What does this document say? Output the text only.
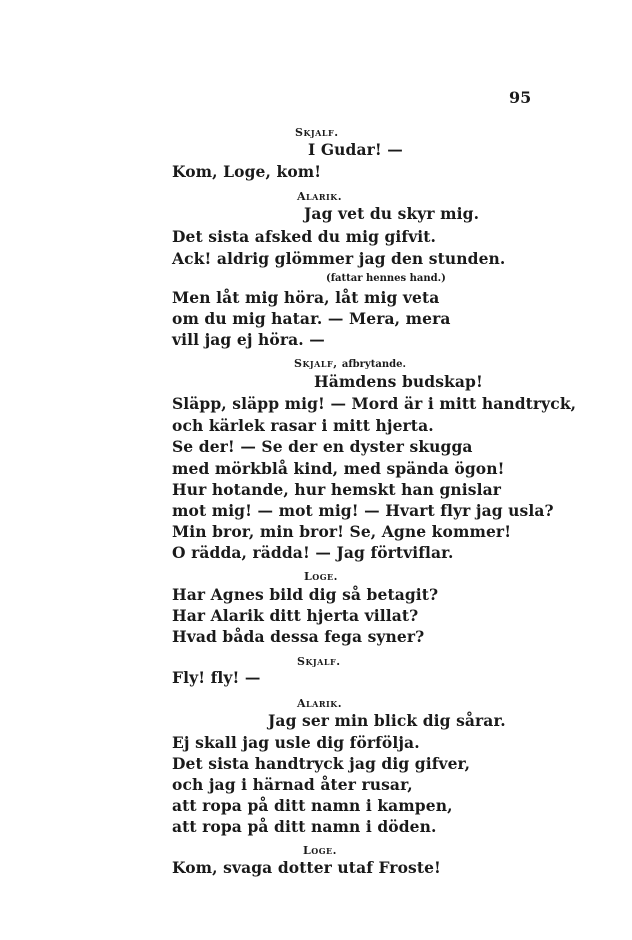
95
Skjalf.
I Gudar! —
Kom, Loge, kom!
Alarik.
Jag vet du skyr mig.
Det sista afsked du mig gifvit.
Ack! aldrig glömmer jag den stunden.
(fattar hennes hand.)
Men låt mig höra, låt mig veta
om du mig hatar. — Mera, mera
vill jag ej höra. —
Skjalf, afbrytande.
Hämdens budskap!
Släpp, släpp mig! — Mord är i mitt handtryck,
och kärlek rasar i mitt hjerta.
Se der! — Se der en dyster skugga
med mörkblå kind, med spända ögon!
Hur hotande, hur hemskt han gnislar
mot mig! — mot mig! — Hvart flyr jag usla?
Min bror, min bror! Se, Agne kommer!
O rädda, rädda! — Jag förtviflar.
Loge.
Har Agnes bild dig så betagit?
Har Alarik ditt hjerta villat?
Hvad båda dessa fega syner?
Skjalf.
Fly! fly! —
Alarik.
Jag ser min blick dig sårar.
Ej skall jag usle dig förfölja.
Det sista handtryck jag dig gifver,
och jag i härnad åter rusar,
att ropa på ditt namn i kampen,
att ropa på ditt namn i döden.
Loge.
Kom, svaga dotter utaf Froste!
